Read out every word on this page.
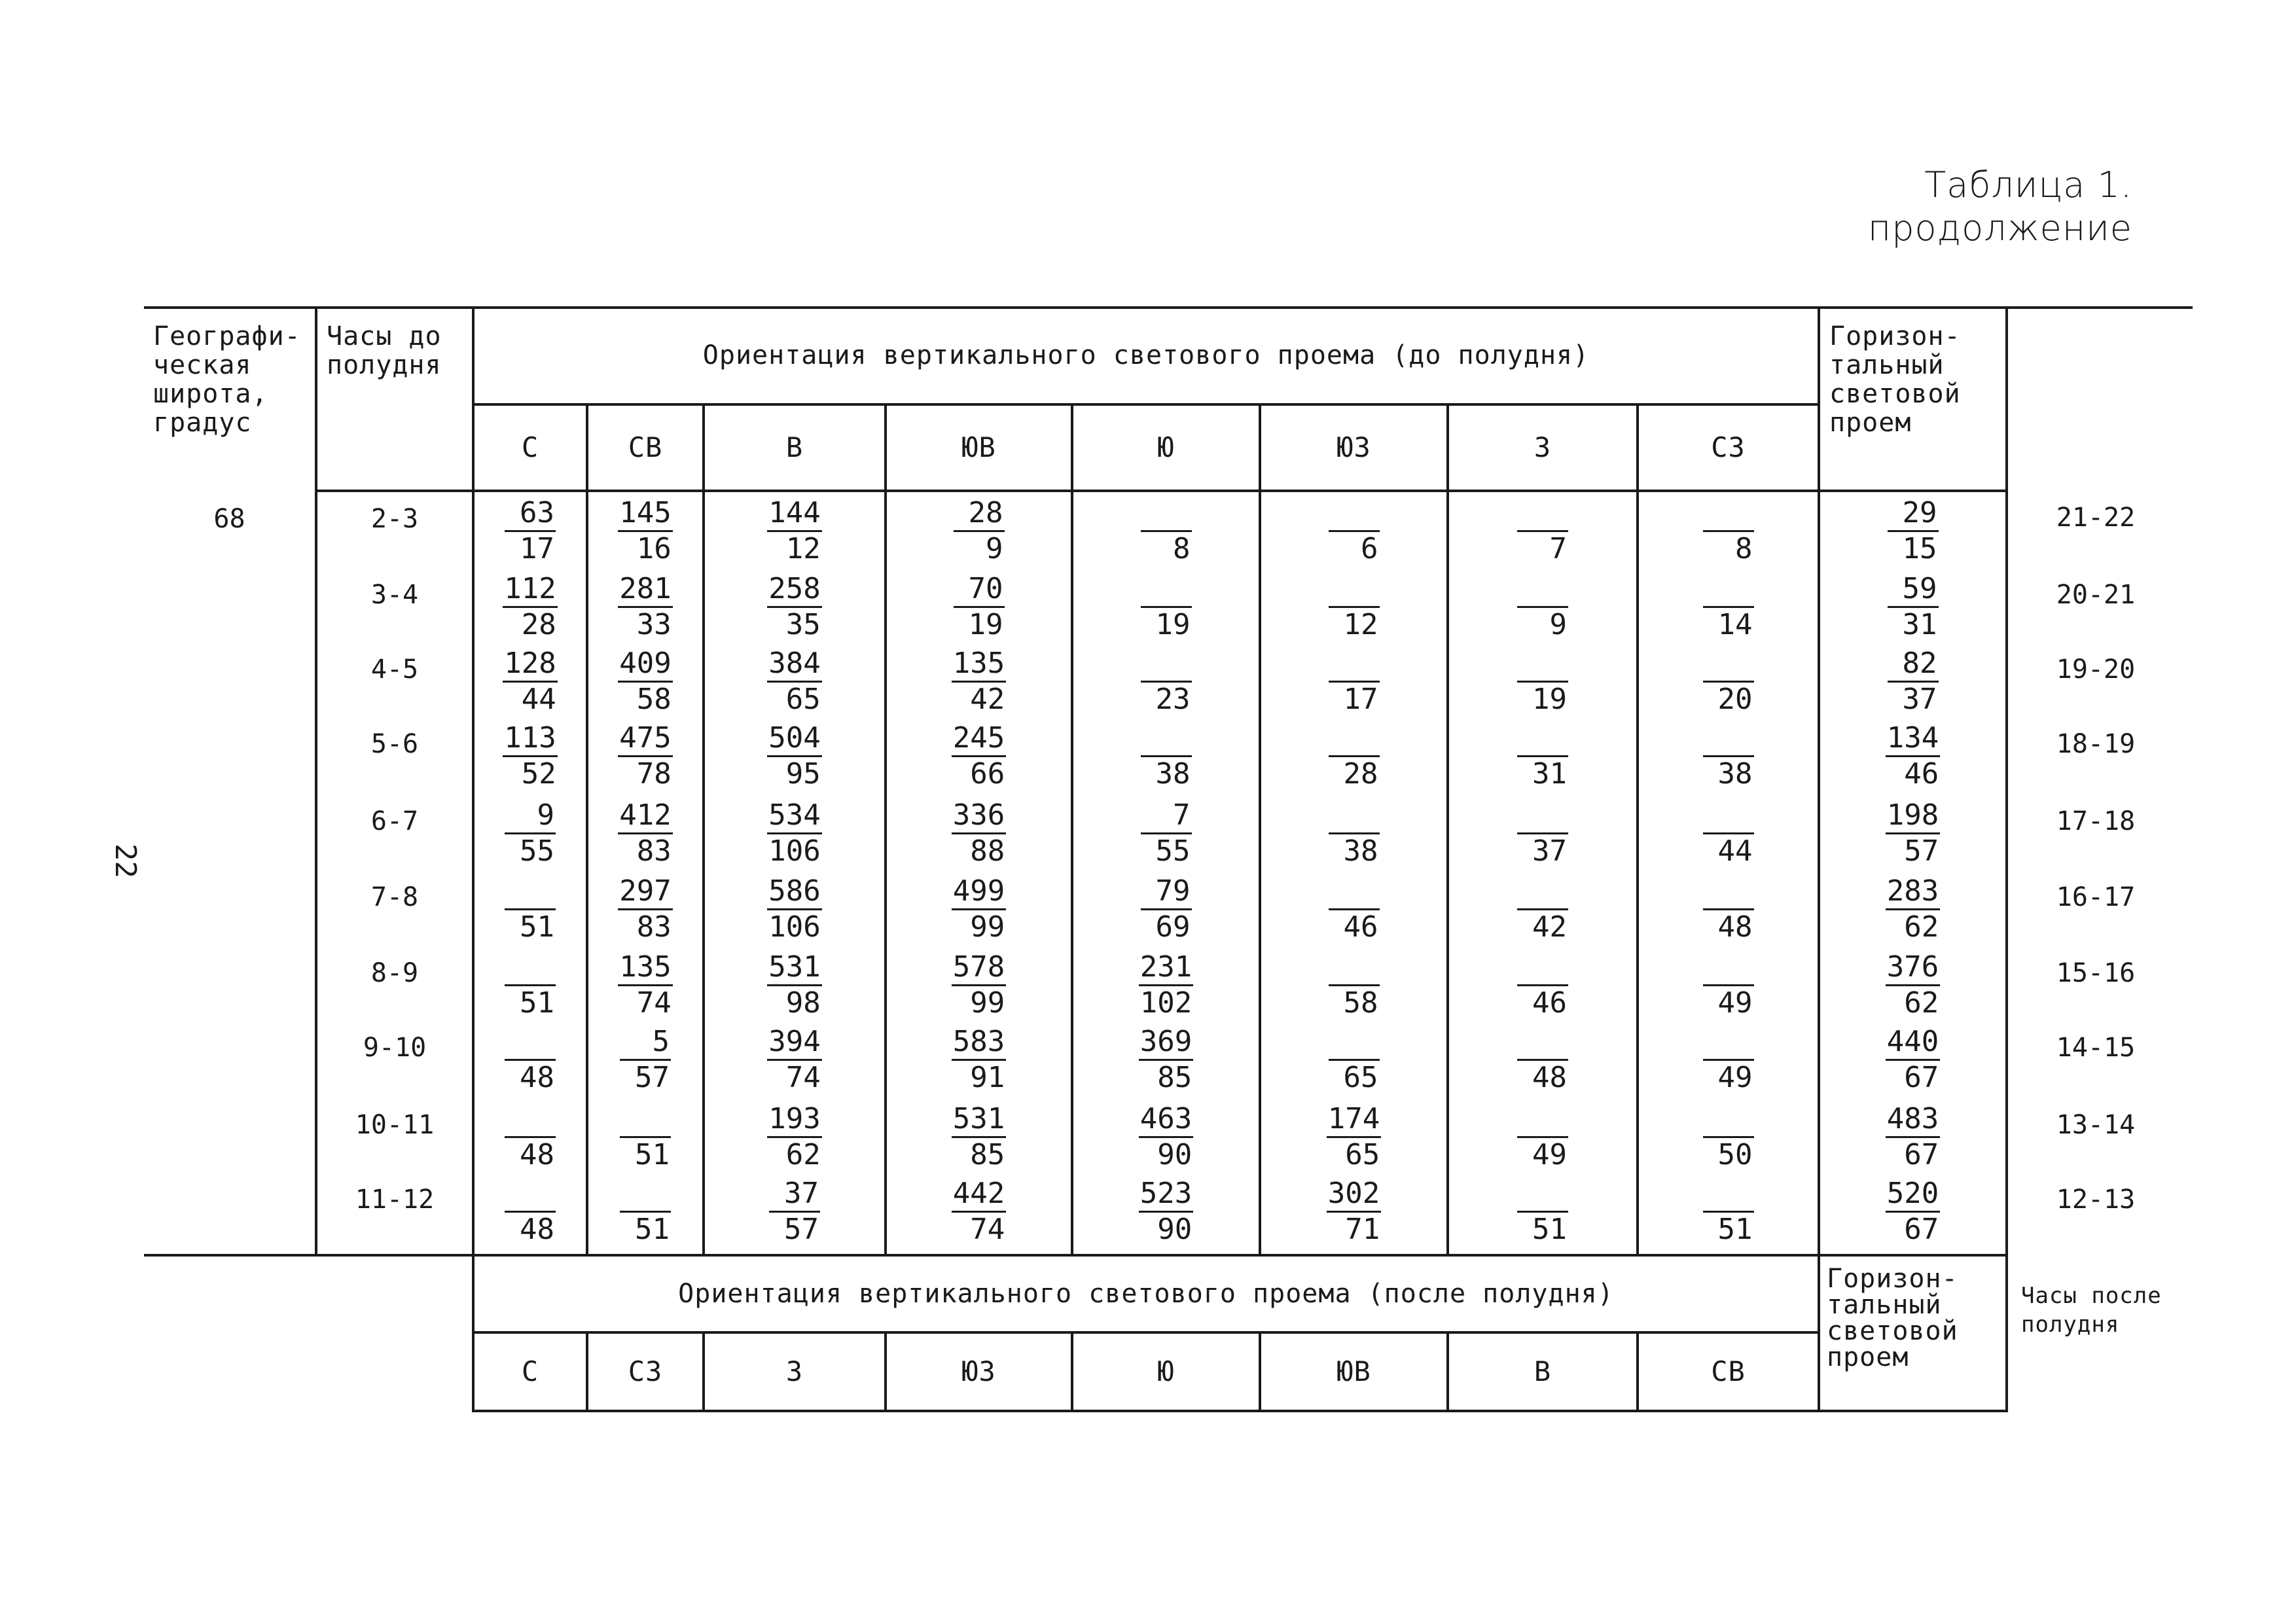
Таблица 1.
продолжение
22
Географи-
ческая
широта,
градус	Часы до
полудня	Ориентация вертикального светового проема (до полудня)								Горизон-
тальный
световой
проем	
		С	СВ	В	ЮВ	Ю	ЮЗ	З	СЗ		
68	2-3	$\frac{63}{17}$	$\frac{145}{16}$	$\frac{144}{12}$	$\frac{28}{9}$	8	6	7	8	$\frac{29}{15}$	21-22
	3-4	$\frac{112}{28}$	$\frac{281}{33}$	$\frac{258}{35}$	$\frac{70}{19}$	19	12	9	14	$\frac{59}{31}$	20-21
	4-5	$\frac{128}{44}$	$\frac{409}{58}$	$\frac{384}{65}$	$\frac{135}{42}$	23	17	19	20	$\frac{82}{37}$	19-20
	5-6	$\frac{113}{52}$	$\frac{475}{78}$	$\frac{504}{95}$	$\frac{245}{66}$	38	28	31	38	$\frac{134}{46}$	18-19
	6-7	$\frac{9}{55}$	$\frac{412}{83}$	$\frac{534}{106}$	$\frac{336}{88}$	$\frac{7}{55}$	38	37	44	$\frac{198}{57}$	17-18
	7-8	51	$\frac{297}{83}$	$\frac{586}{106}$	$\frac{499}{99}$	$\frac{79}{69}$	46	42	48	$\frac{283}{62}$	16-17
	8-9	51	$\frac{135}{74}$	$\frac{531}{98}$	$\frac{578}{99}$	$\frac{231}{102}$	58	46	49	$\frac{376}{62}$	15-16
	9-10	48	$\frac{5}{57}$	$\frac{394}{74}$	$\frac{583}{91}$	$\frac{369}{85}$	65	48	49	$\frac{440}{67}$	14-15
	10-11	48	51	$\frac{193}{62}$	$\frac{531}{85}$	$\frac{463}{90}$	$\frac{174}{65}$	49	50	$\frac{483}{67}$	13-14
	11-12	48	51	$\frac{37}{57}$	$\frac{442}{74}$	$\frac{523}{90}$	$\frac{302}{71}$	51	51	$\frac{520}{67}$	12-13
		Ориентация вертикального светового проема (после полудня)								Горизон-
тальный
световой
проем	Часы после
полудня
		С	СЗ	З	ЮЗ	Ю	ЮВ	В	СВ		
